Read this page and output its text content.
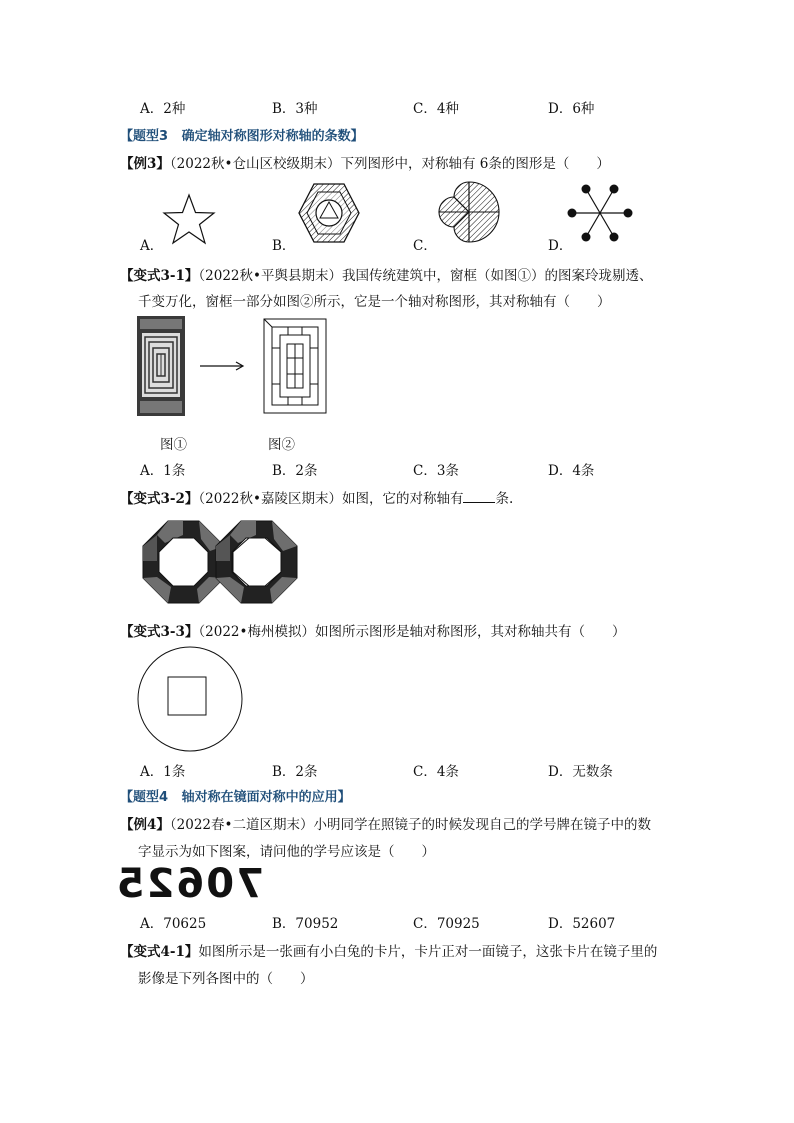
A．2种	B．3种	C．4种	D．6种
【题型3 确定轴对称图形对称轴的条数】
【例3】（2022秋•仓山区校级期末）下列图形中，对称轴有 6条的图形是（　　）
A．	B．	C．	D．
【变式3-1】（2022秋•平舆县期末）我国传统建筑中，窗框（如图①）的图案玲珑剔透、
千变万化，窗框一部分如图②所示，它是一个轴对称图形，其对称轴有（　　）
图①	图②
A．1条	B．2条	C．3条	D．4条
【变式3-2】（2022秋•嘉陵区期末）如图，它的对称轴有 条.
【变式3-3】（2022•梅州模拟）如图所示图形是轴对称图形，其对称轴共有（　　）
A．1条	B．2条	C．4条	D．无数条
【题型4 轴对称在镜面对称中的应用】
【例4】（2022春•二道区期末）小明同学在照镜子的时候发现自己的学号牌在镜子中的数
字显示为如下图案，请问他的学号应该是（　　）
70625
A．70625	B．70952	C．70925	D．52607
【变式4-1】如图所示是一张画有小白兔的卡片，卡片正对一面镜子，这张卡片在镜子里的
影像是下列各图中的（　　）
